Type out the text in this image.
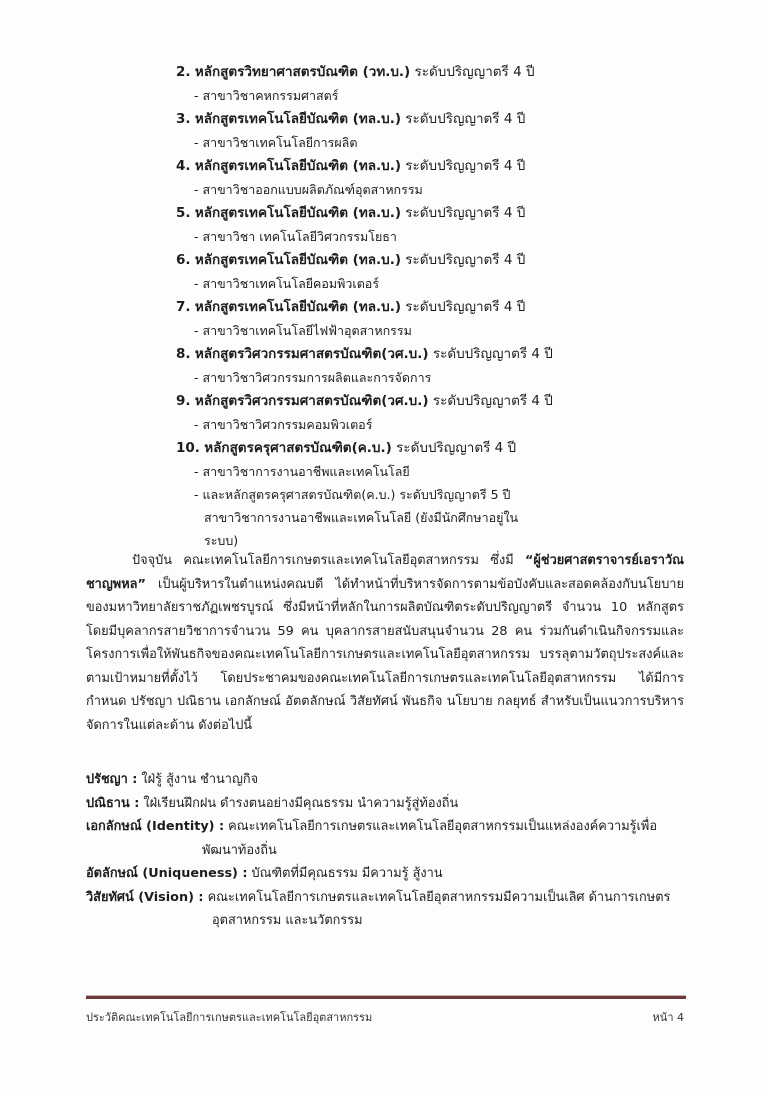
2. หลักสูตรวิทยาศาสตรบัณฑิต (วท.บ.) ระดับปริญญาตรี 4 ปี
- สาขาวิชาคหกรรมศาสตร์
3. หลักสูตรเทคโนโลยีบัณฑิต (ทล.บ.) ระดับปริญญาตรี 4 ปี
- สาขาวิชาเทคโนโลยีการผลิต
4. หลักสูตรเทคโนโลยีบัณฑิต (ทล.บ.) ระดับปริญญาตรี 4 ปี
- สาขาวิชาออกแบบผลิตภัณฑ์อุตสาหกรรม
5. หลักสูตรเทคโนโลยีบัณฑิต (ทล.บ.) ระดับปริญญาตรี 4 ปี
- สาขาวิชา เทคโนโลยีวิศวกรรมโยธา
6. หลักสูตรเทคโนโลยีบัณฑิต (ทล.บ.) ระดับปริญญาตรี 4 ปี
- สาขาวิชาเทคโนโลยีคอมพิวเตอร์
7. หลักสูตรเทคโนโลยีบัณฑิต (ทล.บ.) ระดับปริญญาตรี 4 ปี
- สาขาวิชาเทคโนโลยีไฟฟ้าอุตสาหกรรม
8. หลักสูตรวิศวกรรมศาสตรบัณฑิต(วศ.บ.) ระดับปริญญาตรี 4 ปี
- สาขาวิชาวิศวกรรมการผลิตและการจัดการ
9. หลักสูตรวิศวกรรมศาสตรบัณฑิต(วศ.บ.) ระดับปริญญาตรี 4 ปี
- สาขาวิชาวิศวกรรมคอมพิวเตอร์
10. หลักสูตรครุศาสตรบัณฑิต(ค.บ.) ระดับปริญญาตรี 4 ปี
- สาขาวิชาการงานอาชีพและเทคโนโลยี
- และหลักสูตรครุศาสตรบัณฑิต(ค.บ.) ระดับปริญญาตรี 5 ปี สาขาวิชาการงานอาชีพและเทคโนโลยี (ยังมีนักศึกษาอยู่ในระบบ)
ปัจจุบัน คณะเทคโนโลยีการเกษตรและเทคโนโลยีอุตสาหกรรม ซึ่งมี “ผู้ช่วยศาสตราจารย์เอราวัณ ชาญพหล” เป็นผู้บริหารในตำแหน่งคณบดี ได้ทำหน้าที่บริหารจัดการตามข้อบังคับและสอดคล้องกับนโยบายของมหาวิทยาลัยราชภัฏเพชรบูรณ์ ซึ่งมีหน้าที่หลักในการผลิตบัณฑิตระดับปริญญาตรี จำนวน 10 หลักสูตร โดยมีบุคลากรสายวิชาการจำนวน 59 คน บุคลากรสายสนับสนุนจำนวน 28 คน ร่วมกันดำเนินกิจกรรมและโครงการเพื่อให้พันธกิจของคณะเทคโนโลยีการเกษตรและเทคโนโลยีอุตสาหกรรม บรรลุตามวัตถุประสงค์และตามเป้าหมายที่ตั้งไว้ โดยประชาคมของคณะเทคโนโลยีการเกษตรและเทคโนโลยีอุตสาหกรรม ได้มีการกำหนด ปรัชญา ปณิธาน เอกลักษณ์ อัตตลักษณ์ วิสัยทัศน์ พันธกิจ นโยบาย กลยุทธ์ สำหรับเป็นแนวการบริหารจัดการในแต่ละด้าน ดังต่อไปนี้
ปรัชญา : ใฝ่รู้ สู้งาน ชำนาญกิจ
ปณิธาน : ใฝ่เรียนฝึกฝน ดำรงตนอย่างมีคุณธรรม นำความรู้สู่ท้องถิ่น
เอกลักษณ์ (Identity) : คณะเทคโนโลยีการเกษตรและเทคโนโลยีอุตสาหกรรมเป็นแหล่งองค์ความรู้เพื่อ
พัฒนาท้องถิ่น
อัตลักษณ์ (Uniqueness) : บัณฑิตที่มีคุณธรรม มีความรู้ สู้งาน
วิสัยทัศน์ (Vision) : คณะเทคโนโลยีการเกษตรและเทคโนโลยีอุตสาหกรรมมีความเป็นเลิศ ด้านการเกษตร
อุตสาหกรรม และนวัตกรรม
ประวัติคณะเทคโนโลยีการเกษตรและเทคโนโลยีอุตสาหกรรม	หน้า 4
